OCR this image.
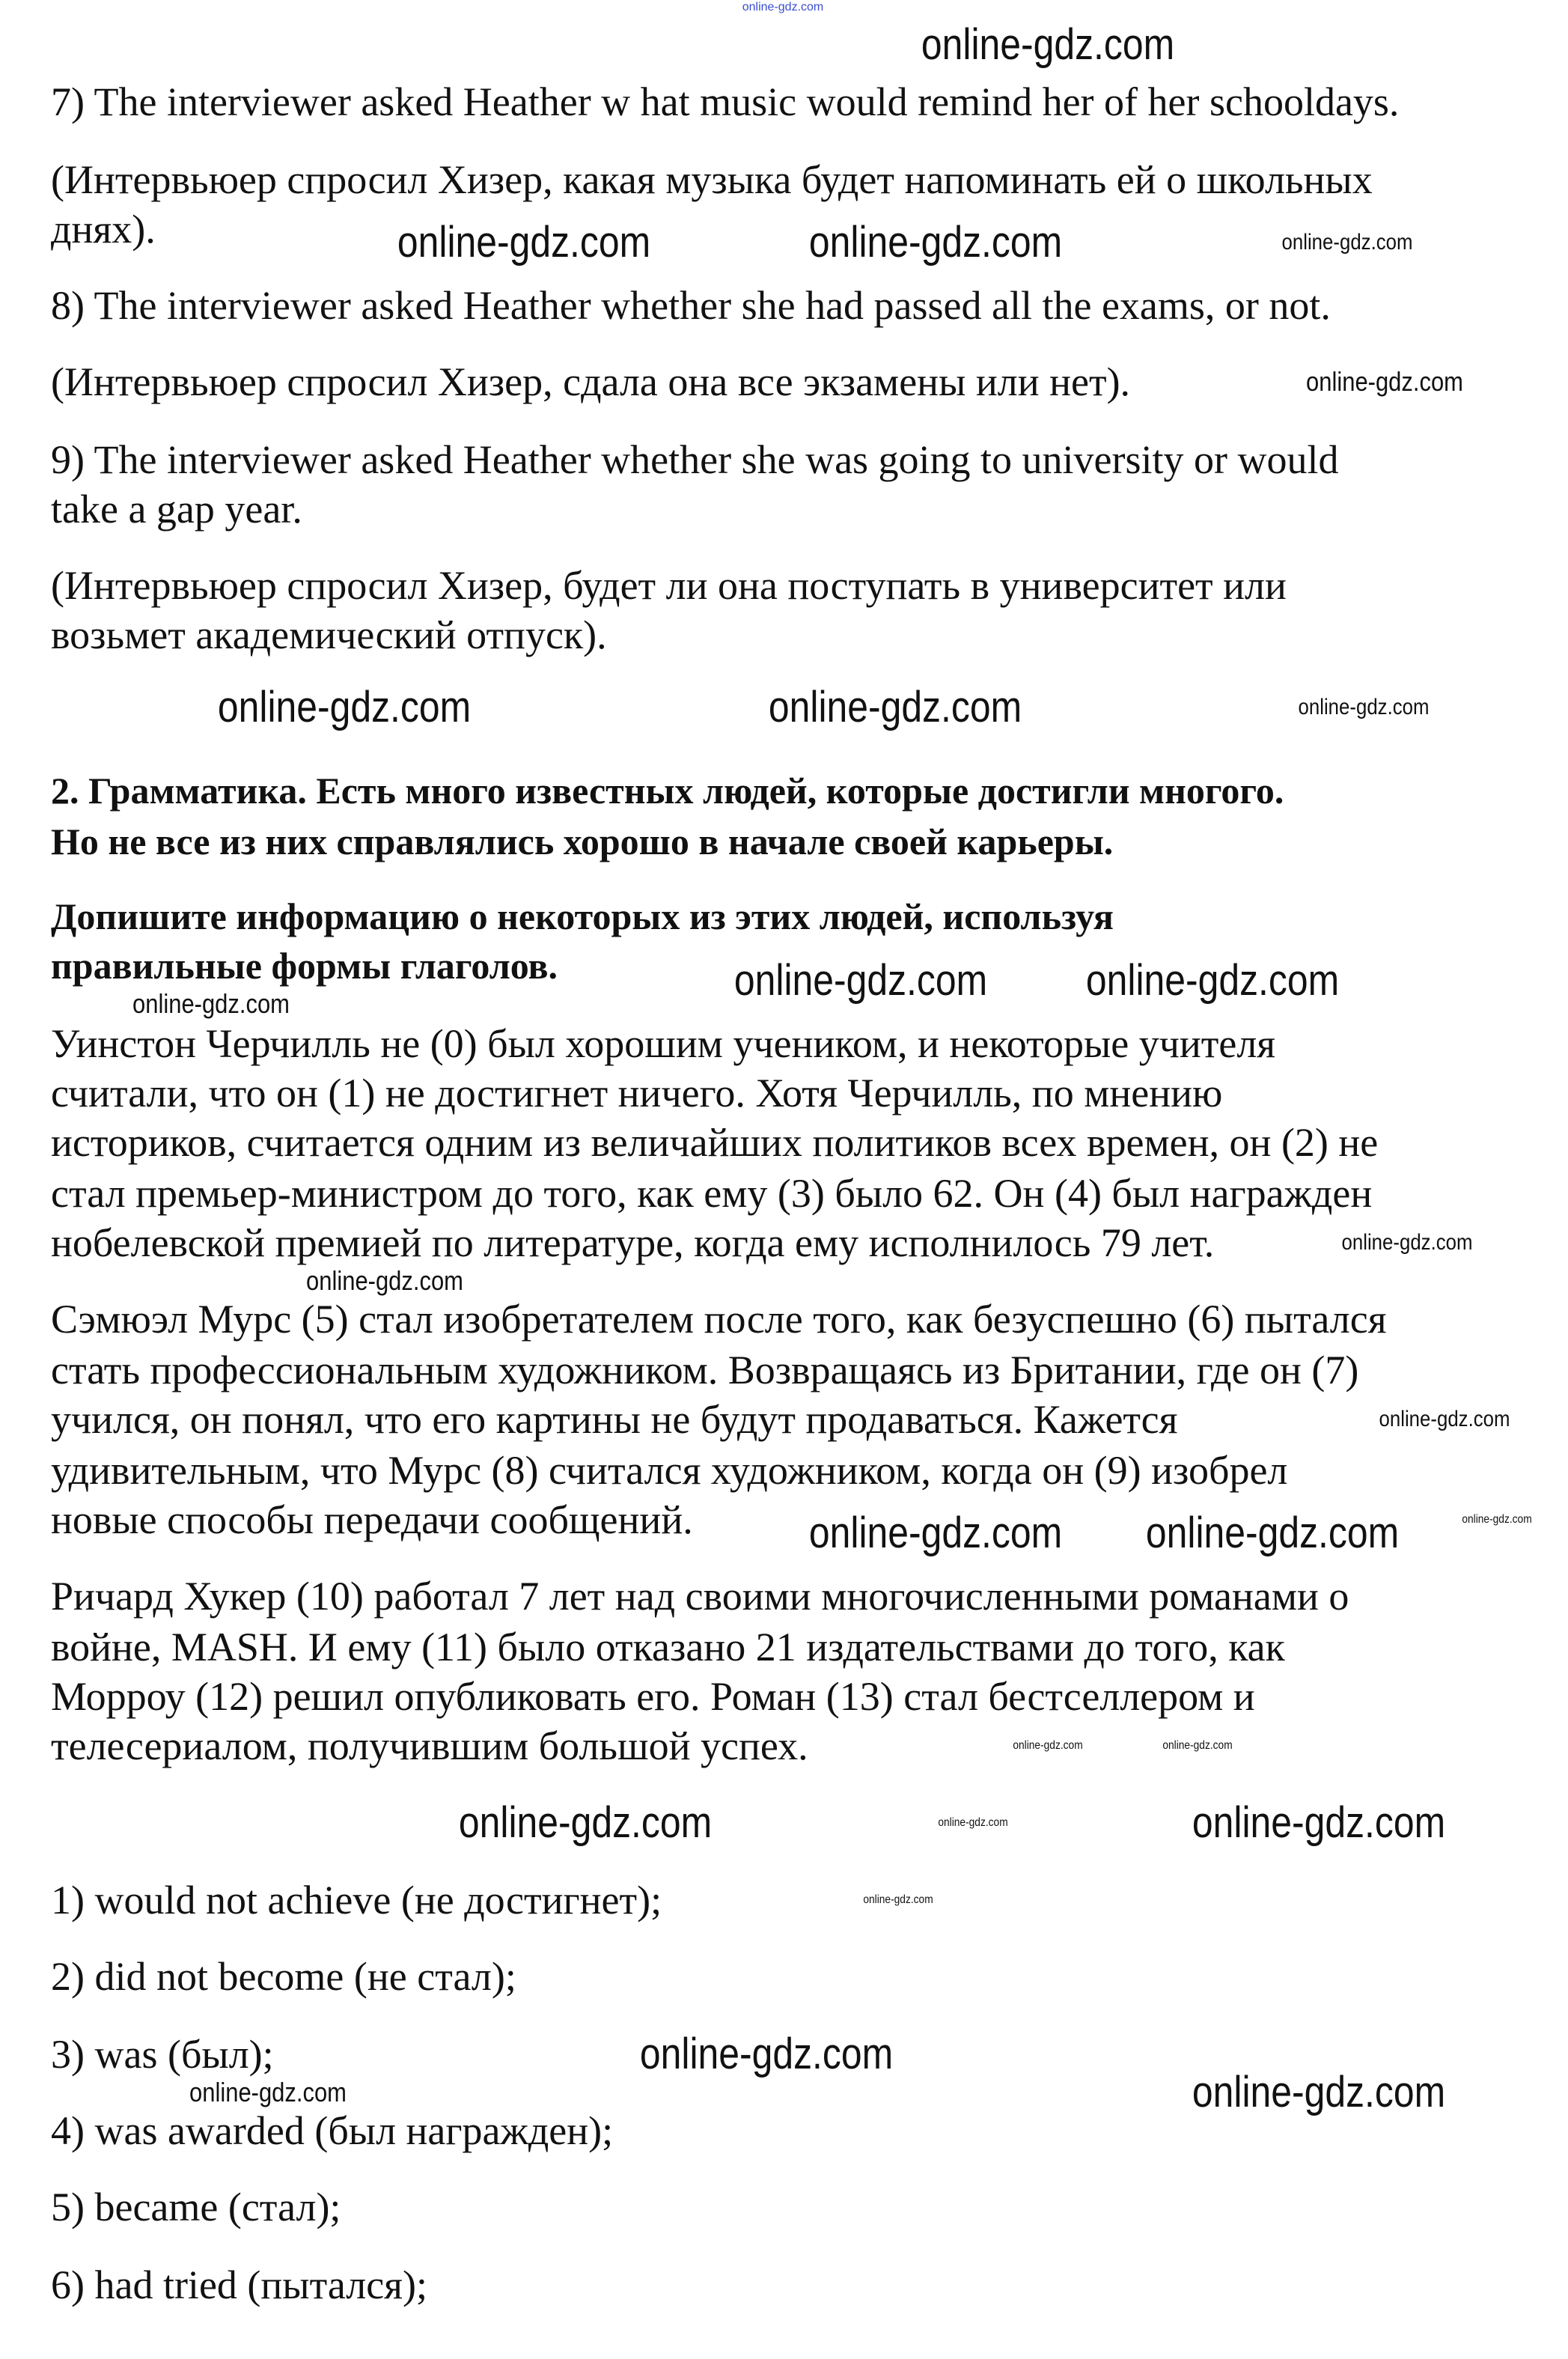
online-gdz.com
7) The interviewer asked Heather w hat music would remind her of her schooldays.
(Интервьюер спросил Хизер, какая музыка будет напоминать ей о школьных
днях).
8) The interviewer asked Heather whether she had passed all the exams, or not.
(Интервьюер спросил Хизер, сдала она все экзамены или нет).
9) The interviewer asked Heather whether she was going to university or would
take a gap year.
(Интервьюер спросил Хизер, будет ли она поступать в университет или
возьмет академический отпуск).
2. Грамматика. Есть много известных людей, которые достигли многого.
Но не все из них справлялись хорошо в начале своей карьеры.
Допишите информацию о некоторых из этих людей, используя
правильные формы глаголов.
Уинстон Черчилль не (0) был хорошим учеником, и некоторые учителя
считали, что он (1) не достигнет ничего. Хотя Черчилль, по мнению
историков, считается одним из величайших политиков всех времен, он (2) не
стал премьер-министром до того, как ему (3) было 62. Он (4) был награжден
нобелевской премией по литературе, когда ему исполнилось 79 лет.
Сэмюэл Мурс (5) стал изобретателем после того, как безуспешно (6) пытался
стать профессиональным художником. Возвращаясь из Британии, где он (7)
учился, он понял, что его картины не будут продаваться. Кажется
удивительным, что Мурс (8) считался художником, когда он (9) изобрел
новые способы передачи сообщений.
Ричард Хукер (10) работал 7 лет над своими многочисленными романами о
войне, MASH. И ему (11) было отказано 21 издательствами до того, как
Морроу (12) решил опубликовать его. Роман (13) стал бестселлером и
телесериалом, получившим большой успех.
1) would not achieve (не достигнет);
2) did not become (не стал);
3) was (был);
4) was awarded (был награжден);
5) became (стал);
6) had tried (пытался);
online-gdz.com
online-gdz.com	online-gdz.com
online-gdz.com
online-gdz.com
online-gdz.com	online-gdz.com	online-gdz.com
online-gdz.com	online-gdz.com online-gdz.com
online-gdz.com
online-gdz.com
online-gdz.com
online-gdz.com
online-gdz.com
online-gdz.com
online-gdz.com	online-gdz.com
online-gdz.com	online-gdz.com	online-gdz.com
online-gdz.com
online-gdz.com
online-gdz.com	online-gdz.com
